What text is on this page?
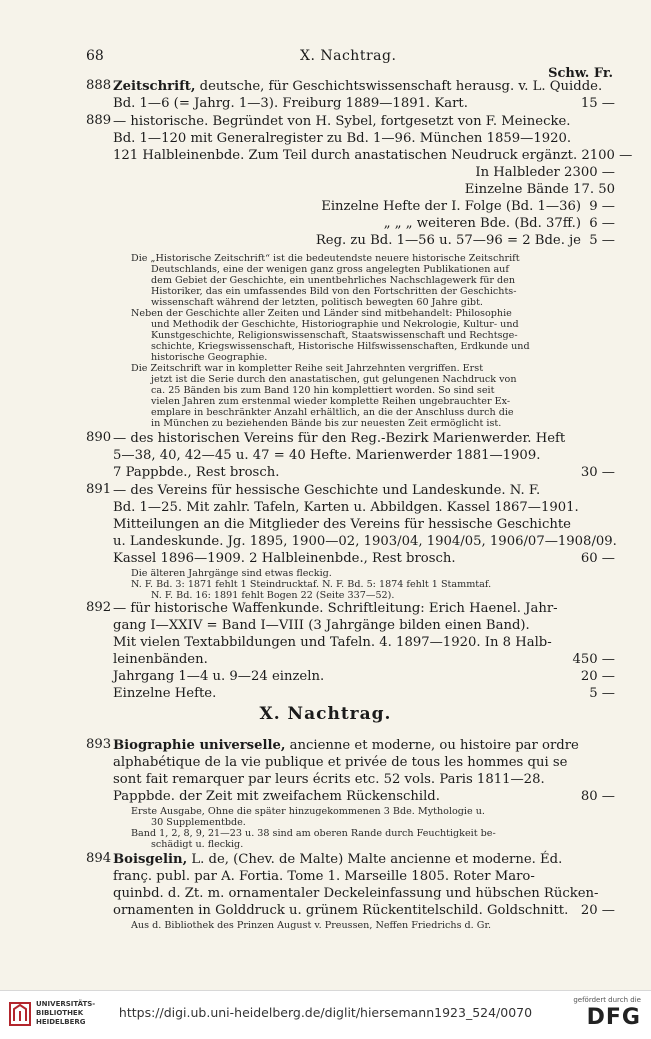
68	X. Nachtrag.
Schw. Fr.
888 Zeitschrift, deutsche, für Geschichtswissenschaft herausg. v. L. Quidde.
Bd. 1—6 (= Jahrg. 1—3). Freiburg 1889—1891. Kart.	15 —
889 — historische. Begründet von H. Sybel, fortgesetzt von F. Meinecke.
Bd. 1—120 mit Generalregister zu Bd. 1—96. München 1859—1920.
121 Halbleinenbde. Zum Teil durch anastatischen Neudruck ergänzt. 2100 —
In Halbleder 2300 —
Einzelne Bände 17. 50
Einzelne Hefte der I. Folge (Bd. 1—36) 9 —
„ „ „ weiteren Bde. (Bd. 37ff.) 6 —
Reg. zu Bd. 1—56 u. 57—96 = 2 Bde. je 5 —
Die „Historische Zeitschrift“ ist die bedeutendste neuere historische Zeitschrift
Deutschlands, eine der wenigen ganz gross angelegten Publikationen auf
dem Gebiet der Geschichte, ein unentbehrliches Nachschlagewerk für den
Historiker, das ein umfassendes Bild von den Fortschritten der Geschichts-
wissenschaft während der letzten, politisch bewegten 60 Jahre gibt.
Neben der Geschichte aller Zeiten und Länder sind mitbehandelt: Philosophie
und Methodik der Geschichte, Historiographie und Nekrologie, Kultur- und
Kunstgeschichte, Religionswissenschaft, Staatswissenschaft und Rechtsge-
schichte, Kriegswissenschaft, Historische Hilfswissenschaften, Erdkunde und
historische Geographie.
Die Zeitschrift war in kompletter Reihe seit Jahrzehnten vergriffen. Erst
jetzt ist die Serie durch den anastatischen, gut gelungenen Nachdruck von
ca. 25 Bänden bis zum Band 120 hin komplettiert worden. So sind seit
vielen Jahren zum erstenmal wieder komplette Reihen ungebrauchter Ex-
emplare in beschränkter Anzahl erhältlich, an die der Anschluss durch die
in München zu beziehenden Bände bis zur neuesten Zeit ermöglicht ist.
890 — des historischen Vereins für den Reg.-Bezirk Marienwerder. Heft
5—38, 40, 42—45 u. 47 = 40 Hefte. Marienwerder 1881—1909.
7 Pappbde., Rest brosch.	30 —
891 — des Vereins für hessische Geschichte und Landeskunde. N. F.
Bd. 1—25. Mit zahlr. Tafeln, Karten u. Abbildgen. Kassel 1867—1901.
Mitteilungen an die Mitglieder des Vereins für hessische Geschichte
u. Landeskunde. Jg. 1895, 1900—02, 1903/04, 1904/05, 1906/07—1908/09.
Kassel 1896—1909. 2 Halbleinenbde., Rest brosch.	60 —
Die älteren Jahrgänge sind etwas fleckig.
N. F. Bd. 3: 1871 fehlt 1 Steindrucktaf. N. F. Bd. 5: 1874 fehlt 1 Stammtaf.
N. F. Bd. 16: 1891 fehlt Bogen 22 (Seite 337—52).
892 — für historische Waffenkunde. Schriftleitung: Erich Haenel. Jahr-
gang I—XXIV = Band I—VIII (3 Jahrgänge bilden einen Band).
Mit vielen Textabbildungen und Tafeln. 4. 1897—1920. In 8 Halb-
leinenbänden.	450 —
Jahrgang 1—4 u. 9—24 einzeln.	20 —
Einzelne Hefte.	5 —
X. Nachtrag.
893 Biographie universelle, ancienne et moderne, ou histoire par ordre
alphabétique de la vie publique et privée de tous les hommes qui se
sont fait remarquer par leurs écrits etc. 52 vols. Paris 1811—28.
Pappbde. der Zeit mit zweifachem Rückenschild.	80 —
Erste Ausgabe, Ohne die später hinzugekommenen 3 Bde. Mythologie u.
30 Supplementbde.
Band 1, 2, 8, 9, 21—23 u. 38 sind am oberen Rande durch Feuchtigkeit be-
schädigt u. fleckig.
894 Boisgelin, L. de, (Chev. de Malte) Malte ancienne et moderne. Éd.
franç. publ. par A. Fortia. Tome 1. Marseille 1805. Roter Maro-
quinbd. d. Zt. m. ornamentaler Deckeleinfassung und hübschen Rücken-
ornamenten in Golddruck u. grünem Rückentitelschild. Goldschnitt. 20 —
Aus d. Bibliothek des Prinzen August v. Preussen, Neffen Friedrichs d. Gr.
UNIVERSITÄTS-
BIBLIOTHEK
HEIDELBERG
https://digi.ub.uni-heidelberg.de/diglit/hiersemann1923_524/0070
gefördert durch die
DFG
